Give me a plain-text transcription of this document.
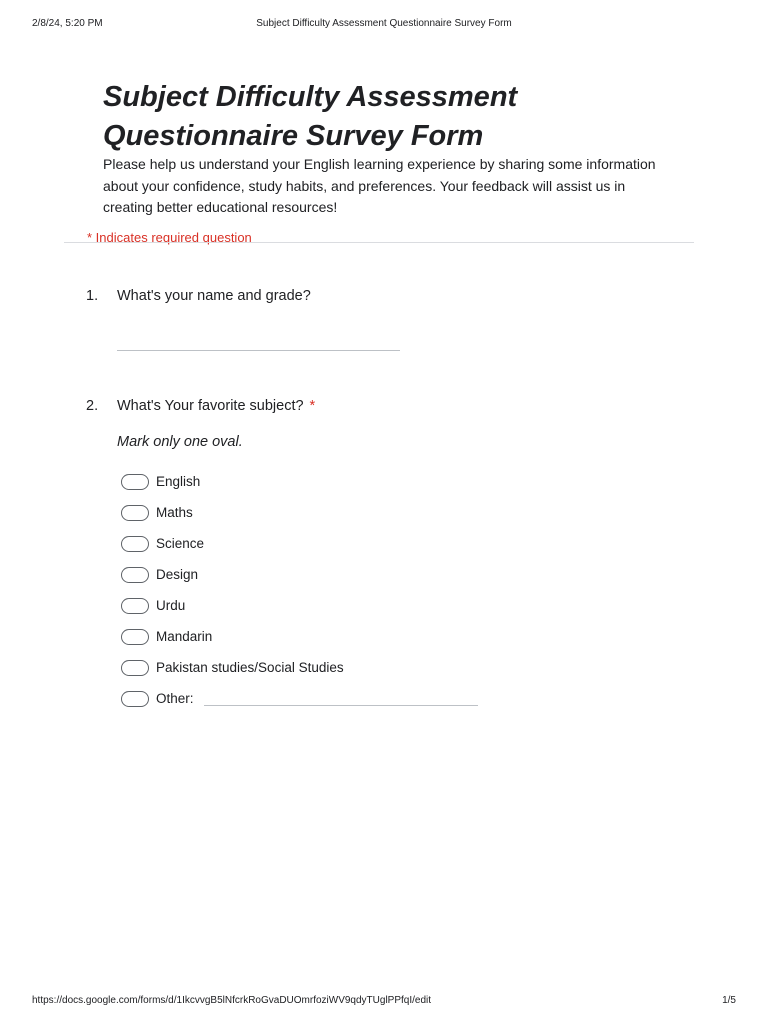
2/8/24, 5:20 PM	Subject Difficulty Assessment Questionnaire Survey Form
Subject Difficulty Assessment
Questionnaire Survey Form

Please help us understand your English learning experience by sharing some information about your confidence, study habits, and preferences. Your feedback will assist us in creating better educational resources!

* Indicates required question
1. What's your name and grade?
2. What's Your favorite subject? *
Mark only one oval.
English
Maths
Science
Design
Urdu
Mandarin
Pakistan studies/Social Studies
Other:
https://docs.google.com/forms/d/1IkcvvgB5lNfcrkRoGvaDUOmrfoziWV9qdyTUglPPfqI/edit	1/5
